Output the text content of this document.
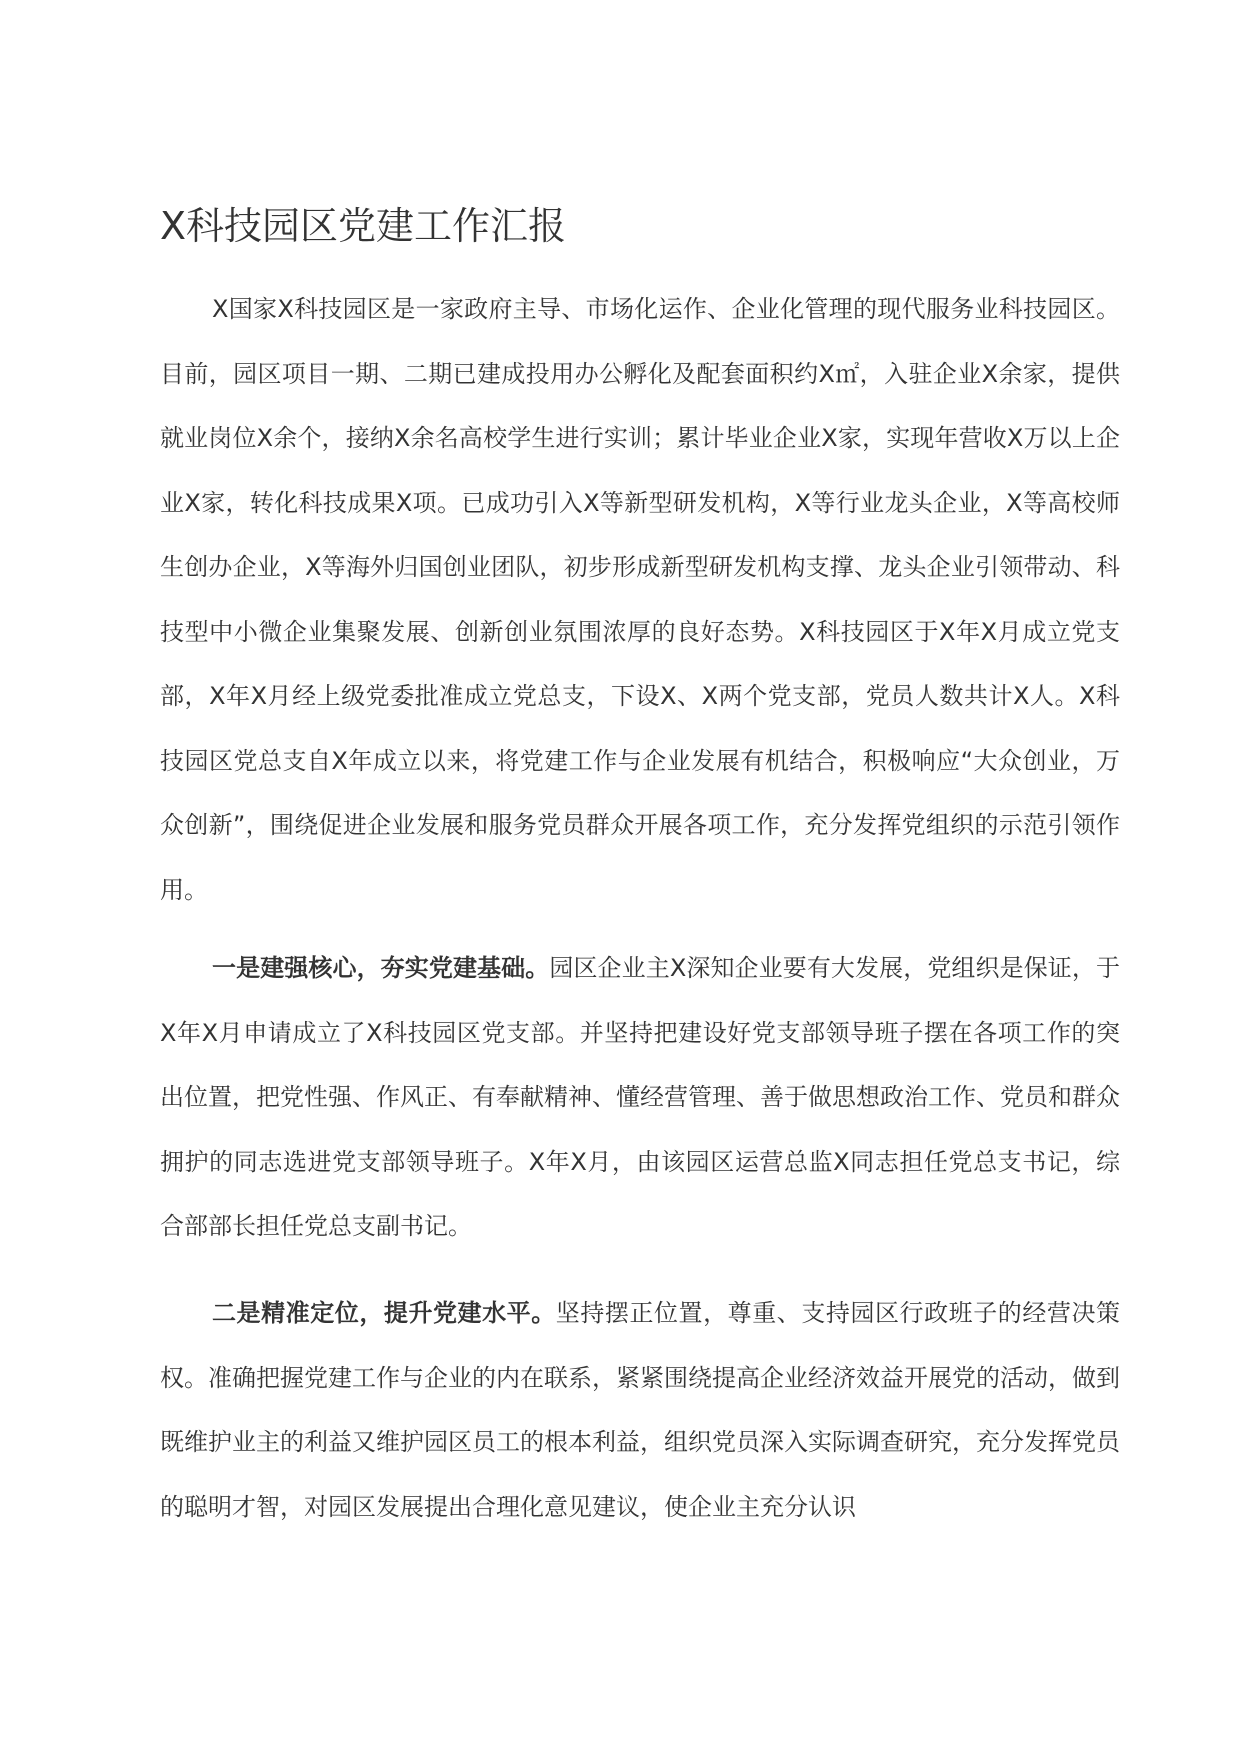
X科技园区党建工作汇报

X国家X科技园区是一家政府主导、市场化运作、企业化管理的现代服务业科技园区。目前，园区项目一期、二期已建成投用办公孵化及配套面积约X㎡，入驻企业X余家，提供就业岗位X余个，接纳X余名高校学生进行实训；累计毕业企业X家，实现年营收X万以上企业X家，转化科技成果X项。已成功引入X等新型研发机构，X等行业龙头企业，X等高校师生创办企业，X等海外归国创业团队，初步形成新型研发机构支撑、龙头企业引领带动、科技型中小微企业集聚发展、创新创业氛围浓厚的良好态势。X科技园区于X年X月成立党支部，X年X月经上级党委批准成立党总支，下设X、X两个党支部，党员人数共计X人。X科技园区党总支自X年成立以来，将党建工作与企业发展有机结合，积极响应“大众创业，万众创新”，围绕促进企业发展和服务党员群众开展各项工作，充分发挥党组织的示范引领作用。

一是建强核心，夯实党建基础。园区企业主X深知企业要有大发展，党组织是保证，于X年X月申请成立了X科技园区党支部。并坚持把建设好党支部领导班子摆在各项工作的突出位置，把党性强、作风正、有奉献精神、懂经营管理、善于做思想政治工作、党员和群众拥护的同志选进党支部领导班子。X年X月，由该园区运营总监X同志担任党总支书记，综合部部长担任党总支副书记。

二是精准定位，提升党建水平。坚持摆正位置，尊重、支持园区行政班子的经营决策权。准确把握党建工作与企业的内在联系，紧紧围绕提高企业经济效益开展党的活动，做到既维护业主的利益又维护园区员工的根本利益，组织党员深入实际调查研究，充分发挥党员的聪明才智，对园区发展提出合理化意见建议，使企业主充分认识
